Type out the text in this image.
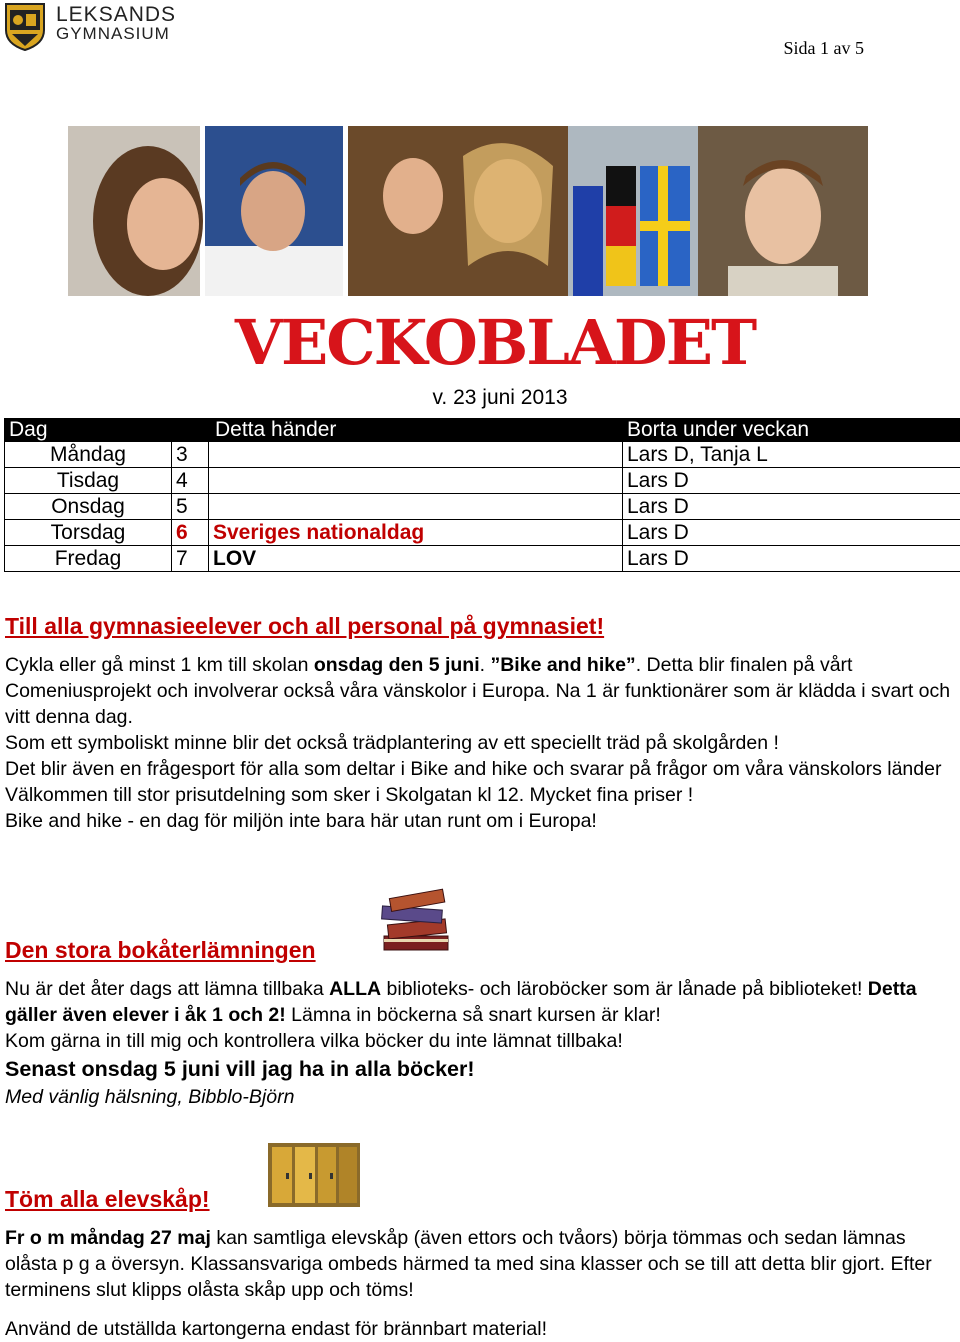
LEKSANDS
GYMNASIUM
Sida 1 av 5
VECKOBLADET
v. 23 juni 2013
Dag		Detta händer	Borta under veckan
Måndag	3		Lars D, Tanja L
Tisdag	4		Lars D
Onsdag	5		Lars D
Torsdag	6	Sveriges nationaldag	Lars D
Fredag	7	LOV	Lars D
Till alla gymnasieelever och all personal på gymnasiet!
Cykla eller gå minst 1 km till skolan onsdag den 5 juni. ”Bike and hike”. Detta blir finalen på vårt Comeniusprojekt och involverar också våra vänskolor i Europa. Na 1 är funktionärer som är klädda i svart och vitt denna dag.
Som ett symboliskt minne blir det också trädplantering av ett speciellt träd på skolgården !
Det blir även en frågesport för alla som deltar i Bike and hike och svarar på frågor om våra vänskolors länder
Välkommen till stor prisutdelning som sker i Skolgatan kl 12. Mycket fina priser !
Bike and hike - en dag för miljön inte bara här utan runt om i Europa!
Den stora bokåterlämningen
Nu är det åter dags att lämna tillbaka ALLA biblioteks- och läroböcker som är lånade på biblioteket! Detta gäller även elever i åk 1 och 2! Lämna in böckerna så snart kursen är klar!
Kom gärna in till mig och kontrollera vilka böcker du inte lämnat tillbaka!
Senast onsdag 5 juni vill jag ha in alla böcker!
Med vänlig hälsning, Bibblo-Björn
Töm alla elevskåp!
Fr o m måndag 27 maj kan samtliga elevskåp (även ettors och tvåors) börja tömmas och sedan lämnas olåsta p g a översyn. Klassansvariga ombeds härmed ta med sina klasser och se till att detta blir gjort. Efter terminens slut klipps olåsta skåp upp och töms!
Använd de utställda kartongerna endast för brännbart material!
